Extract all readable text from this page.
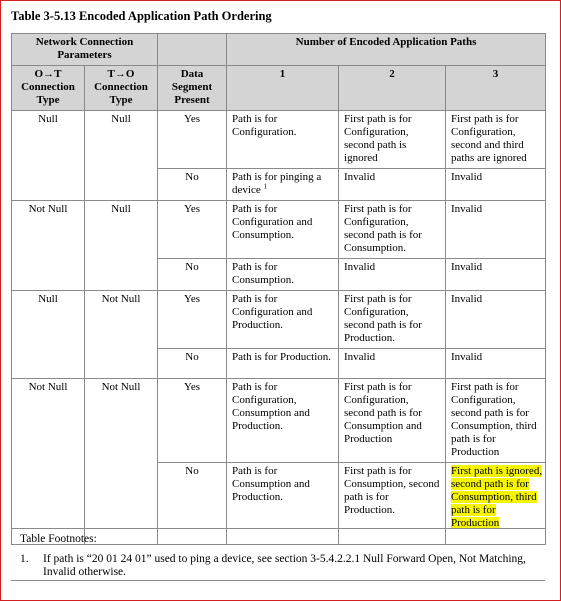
Table 3-5.13 Encoded Application Path Ordering
Network Connection Parameters			Number of Encoded Application Paths		
O→T Connection Type	T→O Connection Type	Data Segment Present	1	2	3
Null	Null	Yes	Path is for Configuration.	First path is for Configuration, second path is ignored	First path is for Configuration, second and third paths are ignored
		No	Path is for pinging a device $^1$	Invalid	Invalid
Not Null	Null	Yes	Path is for Configuration and Consumption.	First path is for Configuration, second path is for Consumption.	Invalid
		No	Path is for Consumption.	Invalid	Invalid
Null	Not Null	Yes	Path is for Configuration and Production.	First path is for Configuration, second path is for Production.	Invalid
		No	Path is for Production.	Invalid	Invalid
Not Null	Not Null	Yes	Path is for Configuration, Consumption and Production.	First path is for Configuration, second path is for Consumption and Production	First path is for Configuration, second path is for Consumption, third path is for Production
		No	Path is for Consumption and Production.	First path is for Consumption, second path is for Production.	First path is ignored, second path is for Consumption, third path is for Production
Table Footnotes:
1. If path is “20 01 24 01” used to ping a device, see section 3-5.4.2.2.1 Null Forward Open, Not Matching, Invalid otherwise.
